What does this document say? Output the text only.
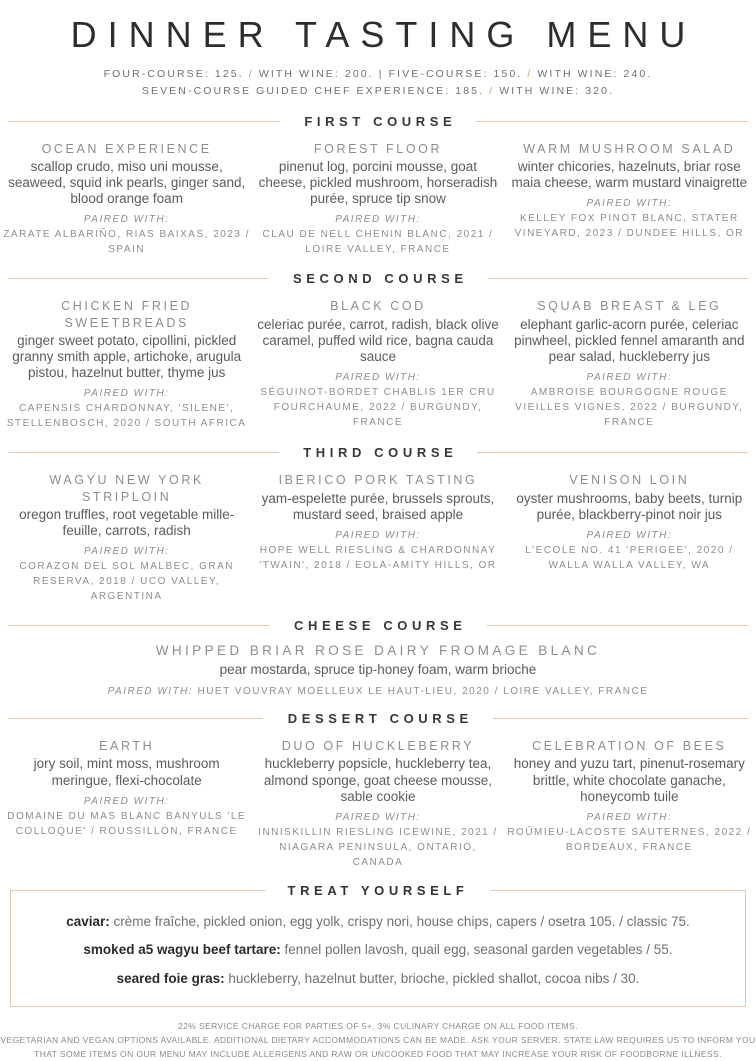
DINNER TASTING MENU

FOUR-COURSE: 125. / WITH WINE: 200. | FIVE-COURSE: 150. / WITH WINE: 240.

SEVEN-COURSE GUIDED CHEF EXPERIENCE: 185. / WITH WINE: 320.

FIRST COURSE
OCEAN EXPERIENCE

scallop crudo, miso uni mousse, seaweed, squid ink pearls, ginger sand, blood orange foam

PAIRED WITH:

ZARATE ALBARIÑO, RIAS BAIXAS, 2023 / SPAIN

FOREST FLOOR

pinenut log, porcini mousse, goat cheese, pickled mushroom, horseradish purée, spruce tip snow

PAIRED WITH:

CLAU DE NELL CHENIN BLANC, 2021 / LOIRE VALLEY, FRANCE

WARM MUSHROOM SALAD

winter chicories, hazelnuts, briar rose maia cheese, warm mustard vinaigrette

PAIRED WITH:

KELLEY FOX PINOT BLANC, STATER VINEYARD, 2023 / DUNDEE HILLS, OR

SECOND COURSE
CHICKEN FRIED SWEETBREADS

ginger sweet potato, cipollini, pickled granny smith apple, artichoke, arugula pistou, hazelnut butter, thyme jus

PAIRED WITH:

CAPENSIS CHARDONNAY, 'SILENE', STELLENBOSCH, 2020 / SOUTH AFRICA

BLACK COD

celeriac purée, carrot, radish, black olive caramel, puffed wild rice, bagna cauda sauce

PAIRED WITH:

SÉGUINOT-BORDET CHABLIS 1ER CRU FOURCHAUME, 2022 / BURGUNDY, FRANCE

SQUAB BREAST & LEG

elephant garlic-acorn purée, celeriac pinwheel, pickled fennel amaranth and pear salad, huckleberry jus

PAIRED WITH:

AMBROISE BOURGOGNE ROUGE VIEILLES VIGNES, 2022 / BURGUNDY, FRANCE

THIRD COURSE
WAGYU NEW YORK STRIPLOIN

oregon truffles, root vegetable mille-feuille, carrots, radish

PAIRED WITH:

CORAZON DEL SOL MALBEC, GRAN RESERVA, 2018 / UCO VALLEY, ARGENTINA

IBERICO PORK TASTING

yam-espelette purée, brussels sprouts, mustard seed, braised apple

PAIRED WITH:

HOPE WELL RIESLING & CHARDONNAY 'TWAIN', 2018 / EOLA-AMITY HILLS, OR

VENISON LOIN

oyster mushrooms, baby beets, turnip purée, blackberry-pinot noir jus

PAIRED WITH:

L'ECOLE NO. 41 'PERIGEE', 2020 / WALLA WALLA VALLEY, WA

CHEESE COURSE
WHIPPED BRIAR ROSE DAIRY FROMAGE BLANC

pear mostarda, spruce tip-honey foam, warm brioche

PAIRED WITH: HUET VOUVRAY MOELLEUX LE HAUT-LIEU, 2020 / LOIRE VALLEY, FRANCE

DESSERT COURSE
EARTH

jory soil, mint moss, mushroom meringue, flexi-chocolate

PAIRED WITH:

DOMAINE DU MAS BLANC BANYULS 'LE COLLOQUE' / ROUSSILLON, FRANCE

DUO OF HUCKLEBERRY

huckleberry popsicle, huckleberry tea, almond sponge, goat cheese mousse, sable cookie

PAIRED WITH:

INNISKILLIN RIESLING ICEWINE, 2021 / NIAGARA PENINSULA, ONTARIO, CANADA

CELEBRATION OF BEES

honey and yuzu tart, pinenut-rosemary brittle, white chocolate ganache, honeycomb tuile

PAIRED WITH:

ROÛMIEU-LACOSTE SAUTERNES, 2022 / BORDEAUX, FRANCE

TREAT YOURSELF

caviar: crème fraîche, pickled onion, egg yolk, crispy nori, house chips, capers / osetra 105. / classic 75.

smoked a5 wagyu beef tartare: fennel pollen lavosh, quail egg, seasonal garden vegetables / 55.

seared foie gras: huckleberry, hazelnut butter, brioche, pickled shallot, cocoa nibs / 30.

22% SERVICE CHARGE FOR PARTIES OF 5+. 3% CULINARY CHARGE ON ALL FOOD ITEMS.

VEGETARIAN AND VEGAN OPTIONS AVAILABLE. ADDITIONAL DIETARY ACCOMMODATIONS CAN BE MADE. ASK YOUR SERVER. STATE LAW REQUIRES US TO INFORM YOU

THAT SOME ITEMS ON OUR MENU MAY INCLUDE ALLERGENS AND RAW OR UNCOOKED FOOD THAT MAY INCREASE YOUR RISK OF FOODBORNE ILLNESS.
